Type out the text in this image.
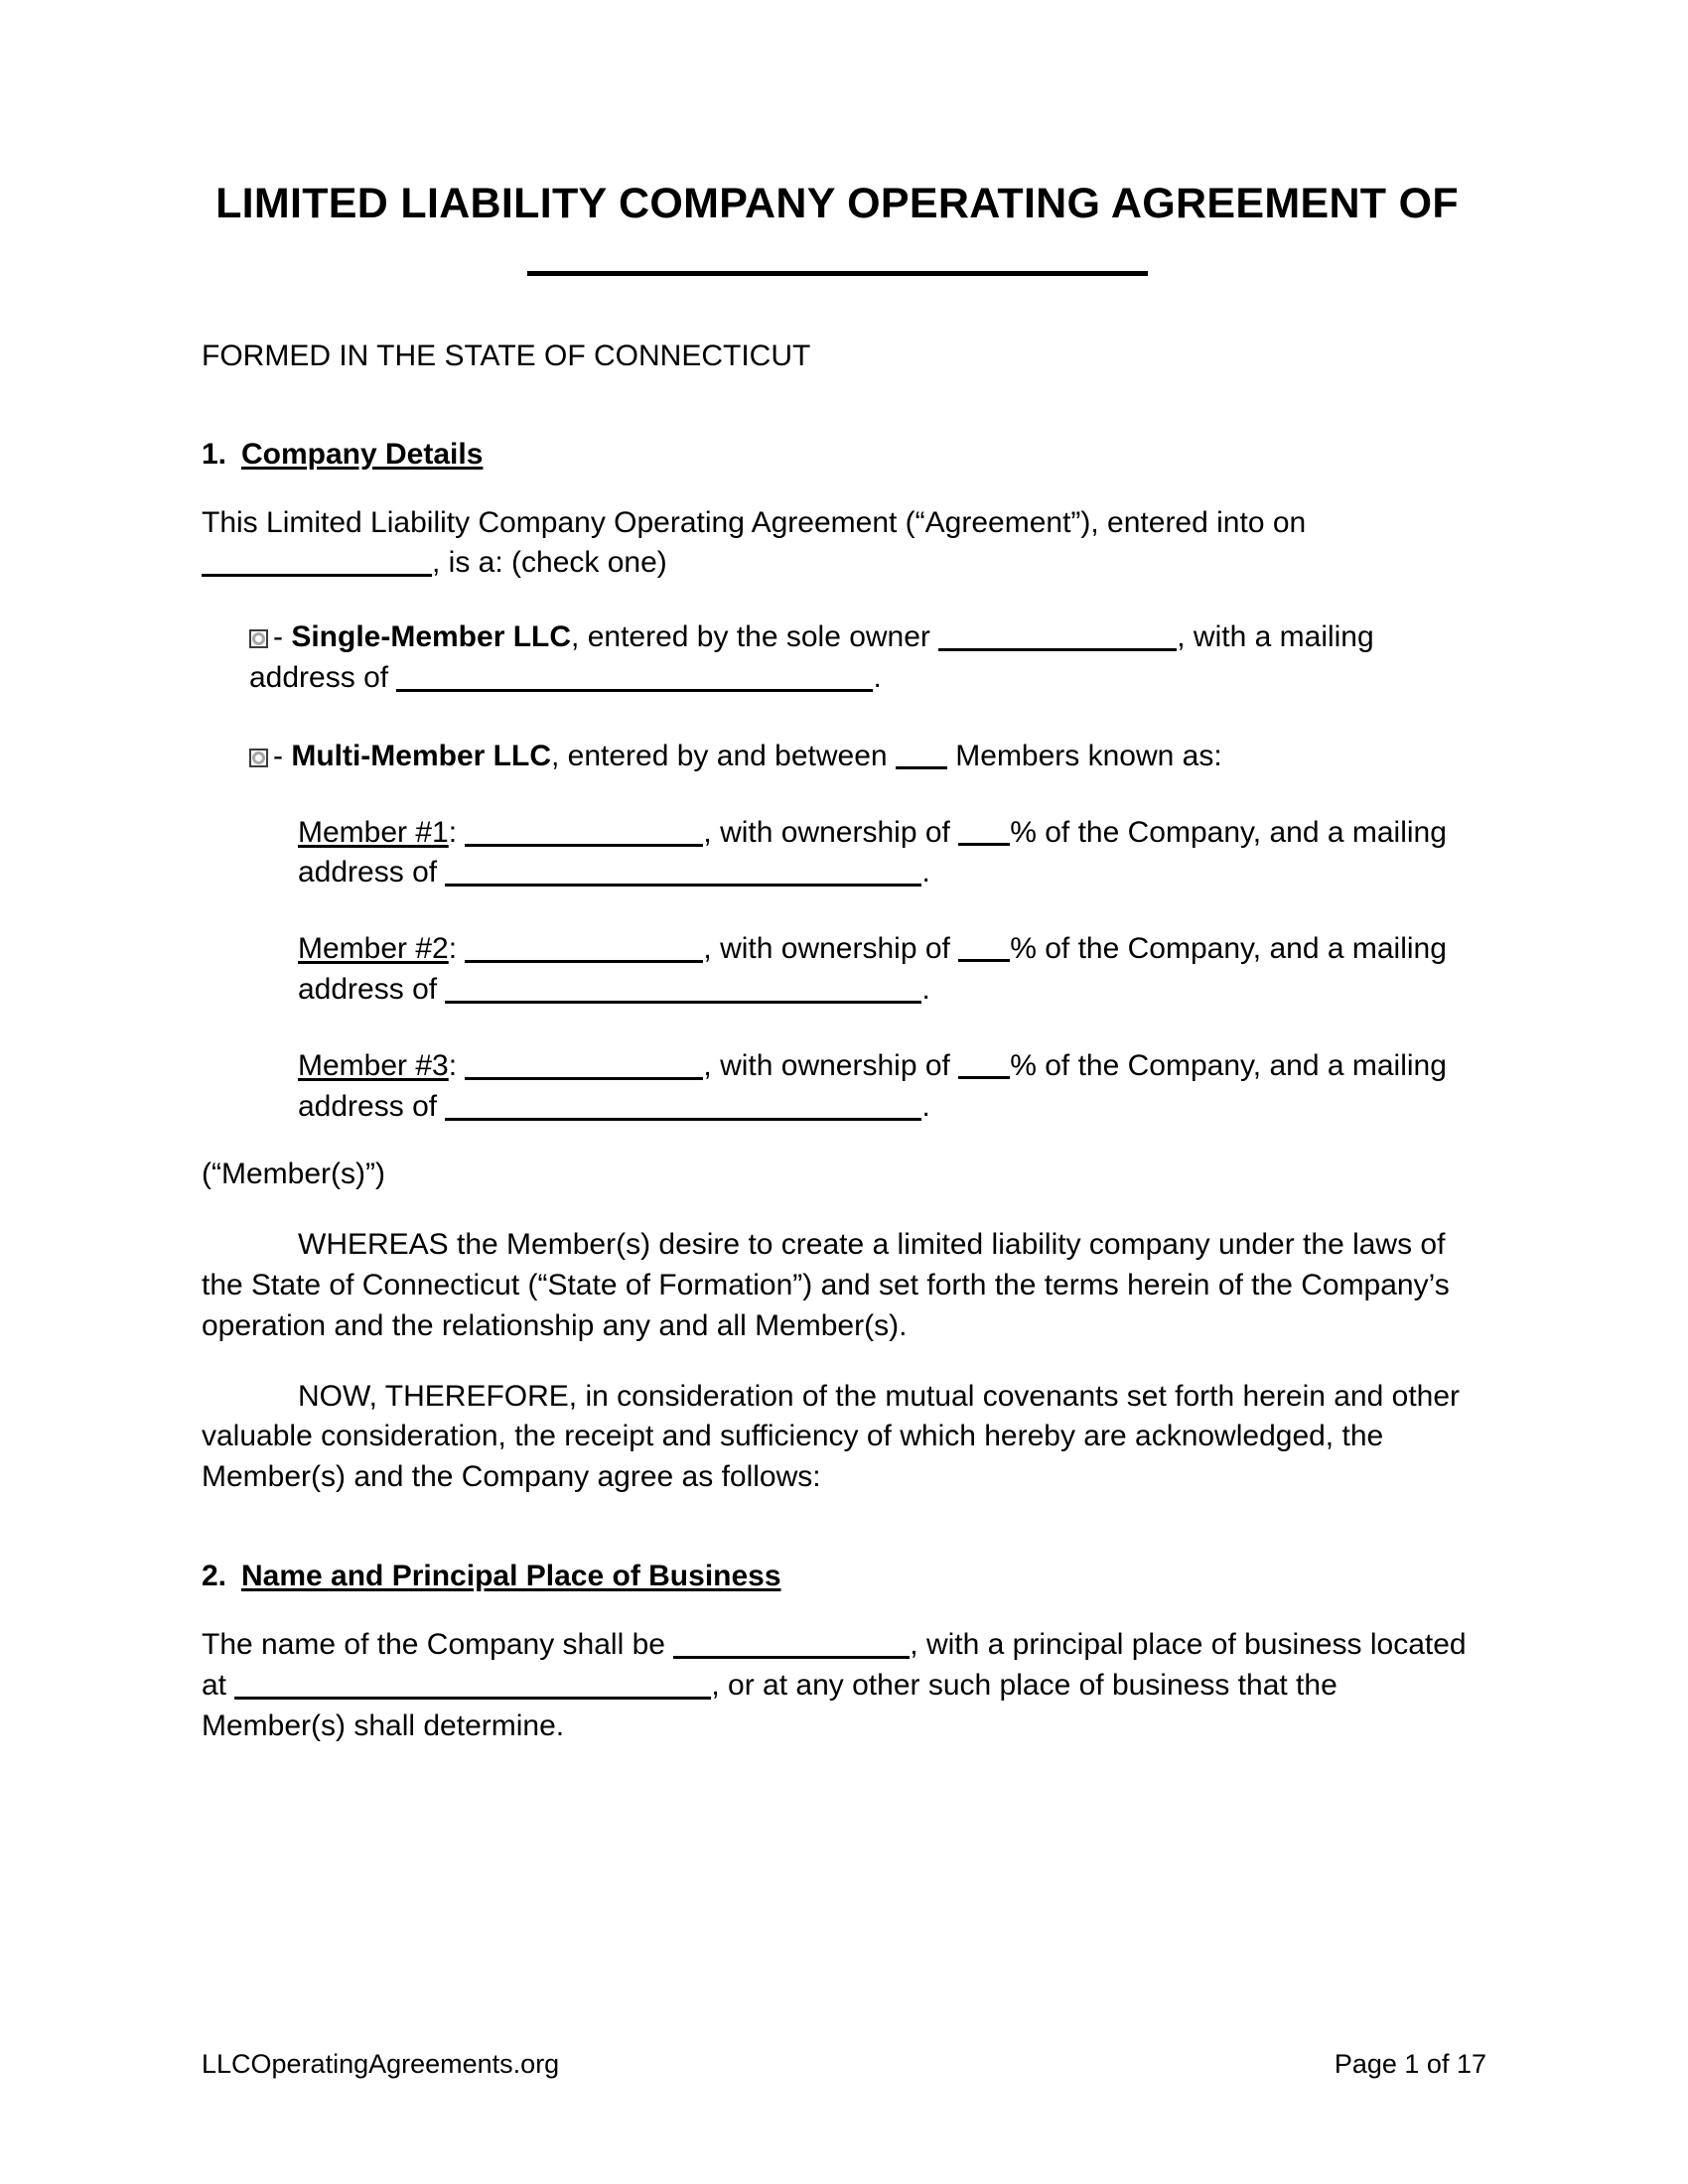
LIMITED LIABILITY COMPANY OPERATING AGREEMENT OF

FORMED IN THE STATE OF CONNECTICUT

1. Company Details

This Limited Liability Company Operating Agreement (“Agreement”), entered into on , is a: (check one)

- Single-Member LLC, entered by the sole owner	, with a mailing address of	.

- Multi-Member LLC, entered by and between Members known as:

Member #1:	, with ownership of % of the Company, and a mailing address of	.

Member #2:	, with ownership of % of the Company, and a mailing address of	.

Member #3:	, with ownership of % of the Company, and a mailing address of	.

(“Member(s)”)

WHEREAS the Member(s) desire to create a limited liability company under the laws of the State of Connecticut (“State of Formation”) and set forth the terms herein of the Company’s operation and the relationship any and all Member(s).

NOW, THEREFORE, in consideration of the mutual covenants set forth herein and other valuable consideration, the receipt and sufficiency of which hereby are acknowledged, the Member(s) and the Company agree as follows:

2. Name and Principal Place of Business

The name of the Company shall be	, with a principal place of business located at	, or at any other such place of business that the Member(s) shall determine.

LLCOperatingAgreements.org	Page 1 of 17
